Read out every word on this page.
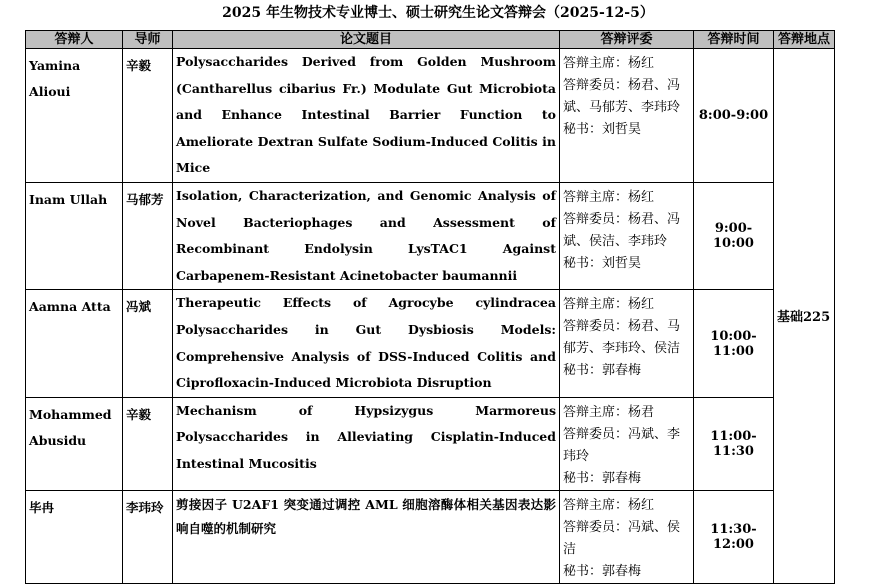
2025 年生物技术专业博士、硕士研究生论文答辩会（2025-12-5）
答辩人	导师	论文题目	答辩评委	答辩时间	答辩地点
Yamina Alioui	辛毅	Polysaccharides Derived from Golden Mushroom (Cantharellus cibarius Fr.) Modulate Gut Microbiota and Enhance Intestinal Barrier Function to Ameliorate Dextran Sulfate Sodium-Induced Colitis in Mice	答辩主席：杨红
答辩委员：杨君、冯
斌、马郁芳、李玮玲
秘书：刘哲昊	8:00-9:00	基础225
Inam Ullah	马郁芳	Isolation, Characterization, and Genomic Analysis of Novel Bacteriophages and Assessment of Recombinant Endolysin LysTAC1 Against Carbapenem-Resistant Acinetobacter baumannii	答辩主席：杨红
答辩委员：杨君、冯
斌、侯洁、李玮玲
秘书：刘哲昊	9:00-10:00	
Aamna Atta	冯斌	Therapeutic Effects of Agrocybe cylindracea Polysaccharides in Gut Dysbiosis Models: Comprehensive Analysis of DSS-Induced Colitis and Ciprofloxacin-Induced Microbiota Disruption	答辩主席：杨红
答辩委员：杨君、马
郁芳、李玮玲、侯洁
秘书：郭春梅	10:00-11:00	
Mohammed Abusidu	辛毅	Mechanism of Hypsizygus Marmoreus Polysaccharides in Alleviating Cisplatin-Induced Intestinal Mucositis	答辩主席：杨君
答辩委员：冯斌、李
玮玲
秘书：郭春梅	11:00-11:30	
毕冉	李玮玲	剪接因子 U2AF1 突变通过调控 AML 细胞溶酶体相关基因表达影响自噬的机制研究	答辩主席：杨红
答辩委员：冯斌、侯
洁
秘书：郭春梅	11:30-12:00	
